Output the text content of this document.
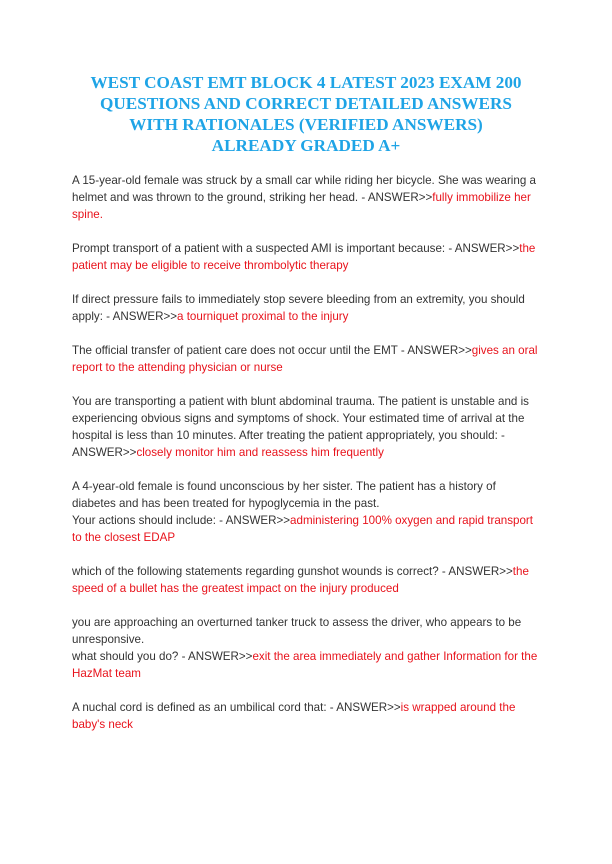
WEST COAST EMT BLOCK 4 LATEST 2023 EXAM 200
QUESTIONS AND CORRECT DETAILED ANSWERS
WITH RATIONALES (VERIFIED ANSWERS)
ALREADY GRADED A+
A 15-year-old female was struck by a small car while riding her bicycle. She was wearing a helmet and was thrown to the ground, striking her head. - ANSWER>>fully immobilize her spine.
Prompt transport of a patient with a suspected AMI is important because: - ANSWER>>the patient may be eligible to receive thrombolytic therapy
If direct pressure fails to immediately stop severe bleeding from an extremity, you should apply: - ANSWER>>a tourniquet proximal to the injury
The official transfer of patient care does not occur until the EMT - ANSWER>>gives an oral report to the attending physician or nurse
You are transporting a patient with blunt abdominal trauma. The patient is unstable and is experiencing obvious signs and symptoms of shock. Your estimated time of arrival at the hospital is less than 10 minutes. After treating the patient appropriately, you should: - ANSWER>>closely monitor him and reassess him frequently
A 4-year-old female is found unconscious by her sister. The patient has a history of diabetes and has been treated for hypoglycemia in the past.
Your actions should include: - ANSWER>>administering 100% oxygen and rapid transport to the closest EDAP
which of the following statements regarding gunshot wounds is correct? - ANSWER>>the speed of a bullet has the greatest impact on the injury produced
you are approaching an overturned tanker truck to assess the driver, who appears to be unresponsive.
what should you do? - ANSWER>>exit the area immediately and gather Information for the HazMat team
A nuchal cord is defined as an umbilical cord that: - ANSWER>>is wrapped around the baby's neck
